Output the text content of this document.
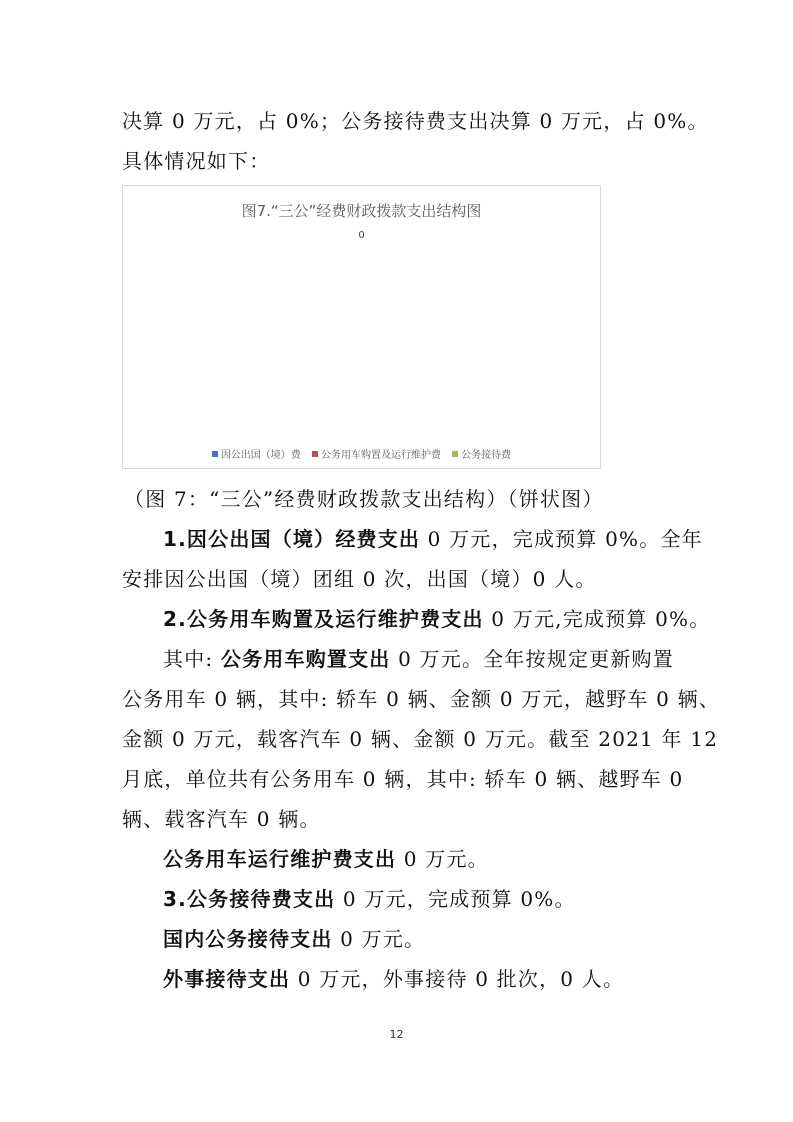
决算 0 万元，占 0%；公务接待费支出决算 0 万元，占 0%。
具体情况如下：
图7.“三公”经费财政拨款支出结构图
0
因公出国（境）费 公务用车购置及运行维护费 公务接待费
（图 7：“三公”经费财政拨款支出结构）（饼状图）
1.因公出国（境）经费支出 0 万元，完成预算 0%。全年
安排因公出国（境）团组 0 次，出国（境）0 人。
2.公务用车购置及运行维护费支出 0 万元,完成预算 0%。
其中: 公务用车购置支出 0 万元。全年按规定更新购置
公务用车 0 辆，其中: 轿车 0 辆、金额 0 万元，越野车 0 辆、
金额 0 万元，载客汽车 0 辆、金额 0 万元。截至 2021 年 12
月底，单位共有公务用车 0 辆，其中: 轿车 0 辆、越野车 0
辆、载客汽车 0 辆。
公务用车运行维护费支出 0 万元。
3.公务接待费支出 0 万元，完成预算 0%。
国内公务接待支出 0 万元。
外事接待支出 0 万元，外事接待 0 批次，0 人。
12
